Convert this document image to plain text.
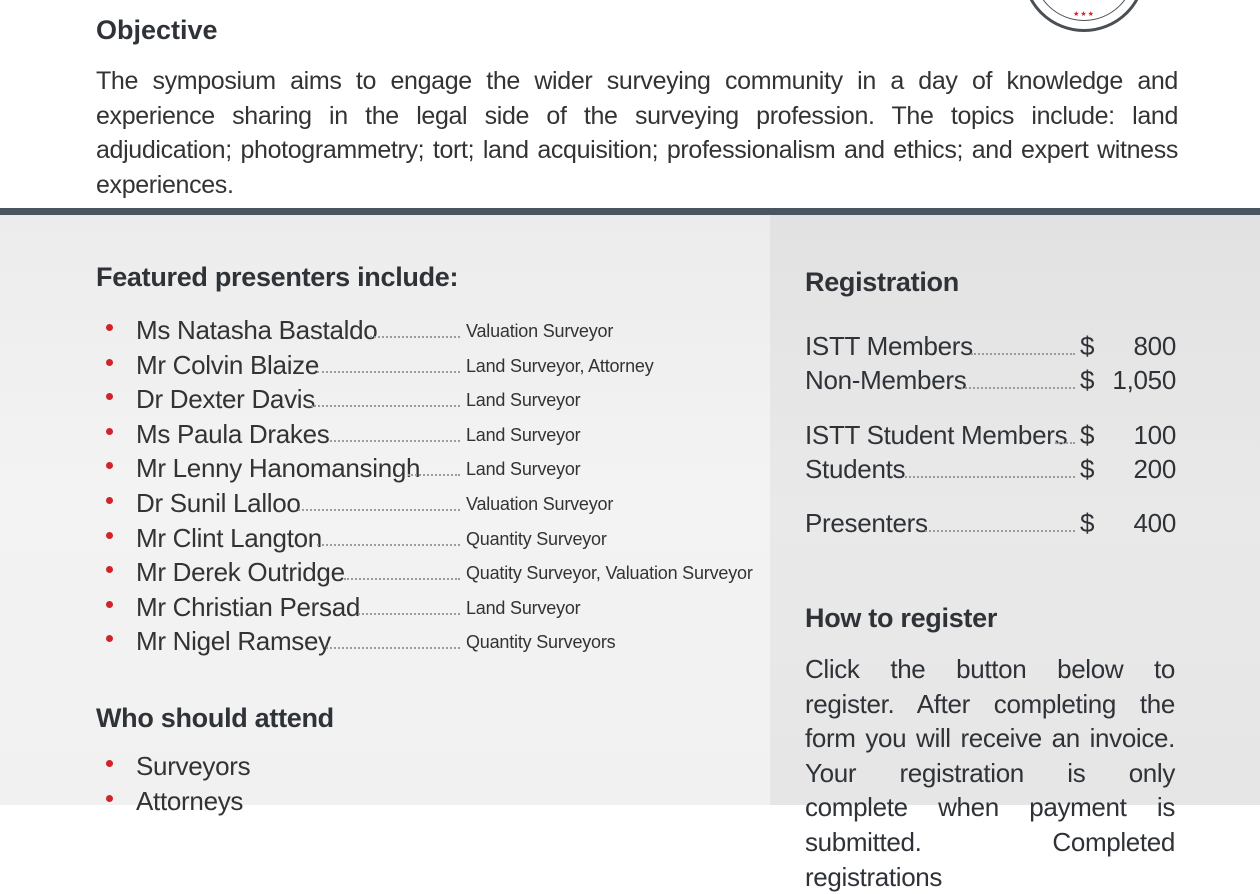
★★★
Objective

The symposium aims to engage the wider surveying community in a day of knowledge and experience sharing in the legal side of the surveying profession. The topics include: land adjudication; photogrammetry; tort; land acquisition; professionalism and ethics; and expert witness experiences.

Featured presenters include:
Ms Natasha Bastaldo	Valuation Surveyor
Mr Colvin Blaize	Land Surveyor, Attorney
Dr Dexter Davis	Land Surveyor
Ms Paula Drakes	Land Surveyor
Mr Lenny Hanomansingh	Land Surveyor
Dr Sunil Lalloo	Valuation Surveyor
Mr Clint Langton	Quantity Surveyor
Mr Derek Outridge	Quatity Surveyor, Valuation Surveyor
Mr Christian Persad	Land Surveyor
Mr Nigel Ramsey	Quantity Surveyors
Who should attend
Surveyors
Attorneys
Registration
ISTT Members	$ 800
Non-Members	$ 1,050
ISTT Student Members $ 100
Students	$ 200
Presenters	$ 400
How to register

Click the button below to register. After completing the form you will receive an invoice. Your registration is only complete when payment is submitted. Completed registrations
